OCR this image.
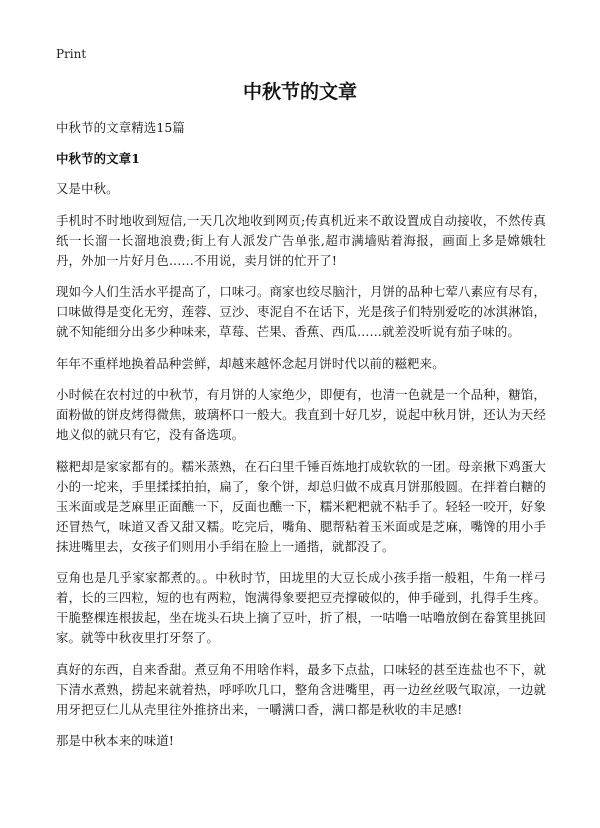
Print
中秋节的文章

中秋节的文章精选15篇

中秋节的文章1

又是中秋。

手机时不时地收到短信,一天几次地收到网页;传真机近来不敢设置成自动接收，不然传真纸一长溜一长溜地浪费;街上有人派发广告单张,超市满墙贴着海报，画面上多是嫦娥牡丹，外加一片好月色……不用说，卖月饼的忙开了!

现如今人们生活水平提高了，口味刁。商家也绞尽脑汁，月饼的品种七荤八素应有尽有，口味做得是变化无穷，莲蓉、豆沙、枣泥自不在话下，光是孩子们特别爱吃的冰淇淋馅，就不知能细分出多少种味来，草莓、芒果、香蕉、西瓜……就差没听说有茄子味的。

年年不重样地换着品种尝鲜，却越来越怀念起月饼时代以前的糍粑来。

小时候在农村过的中秋节，有月饼的人家绝少，即便有，也清一色就是一个品种，糖馅，面粉做的饼皮烤得微焦，玻璃杯口一般大。我直到十好几岁，说起中秋月饼，还认为天经地义似的就只有它，没有备选项。

糍粑却是家家都有的。糯米蒸熟，在石臼里千锤百炼地打成软软的一团。母亲揪下鸡蛋大小的一坨来，手里揉揉拍拍，扁了，象个饼，却总归做不成真月饼那般圆。在拌着白糖的玉米面或是芝麻里正面醮一下，反面也醮一下，糯米粑粑就不粘手了。轻轻一咬开，好象还冒热气，味道又香又甜又糯。吃完后，嘴角、腮帮粘着玉米面或是芝麻，嘴馋的用小手抹进嘴里去，女孩子们则用小手绢在脸上一通揩，就都没了。

豆角也是几乎家家都煮的。。中秋时节，田垅里的大豆长成小孩手指一般粗，牛角一样弓着，长的三四粒，短的也有两粒，饱满得象要把豆壳撑破似的，伸手碰到，扎得手生疼。干脆整棵连根拔起，坐在垅头石块上摘了豆叶，折了根，一咕噜一咕噜放倒在畚箕里挑回家。就等中秋夜里打牙祭了。

真好的东西，自来香甜。煮豆角不用啥作料，最多下点盐，口味轻的甚至连盐也不下，就下清水煮熟，捞起来就着热，呼呼吹几口，整角含进嘴里，再一边丝丝吸气取凉，一边就用牙把豆仁儿从壳里往外推挤出来，一嚼满口香，满口都是秋收的丰足感!

那是中秋本来的味道!
